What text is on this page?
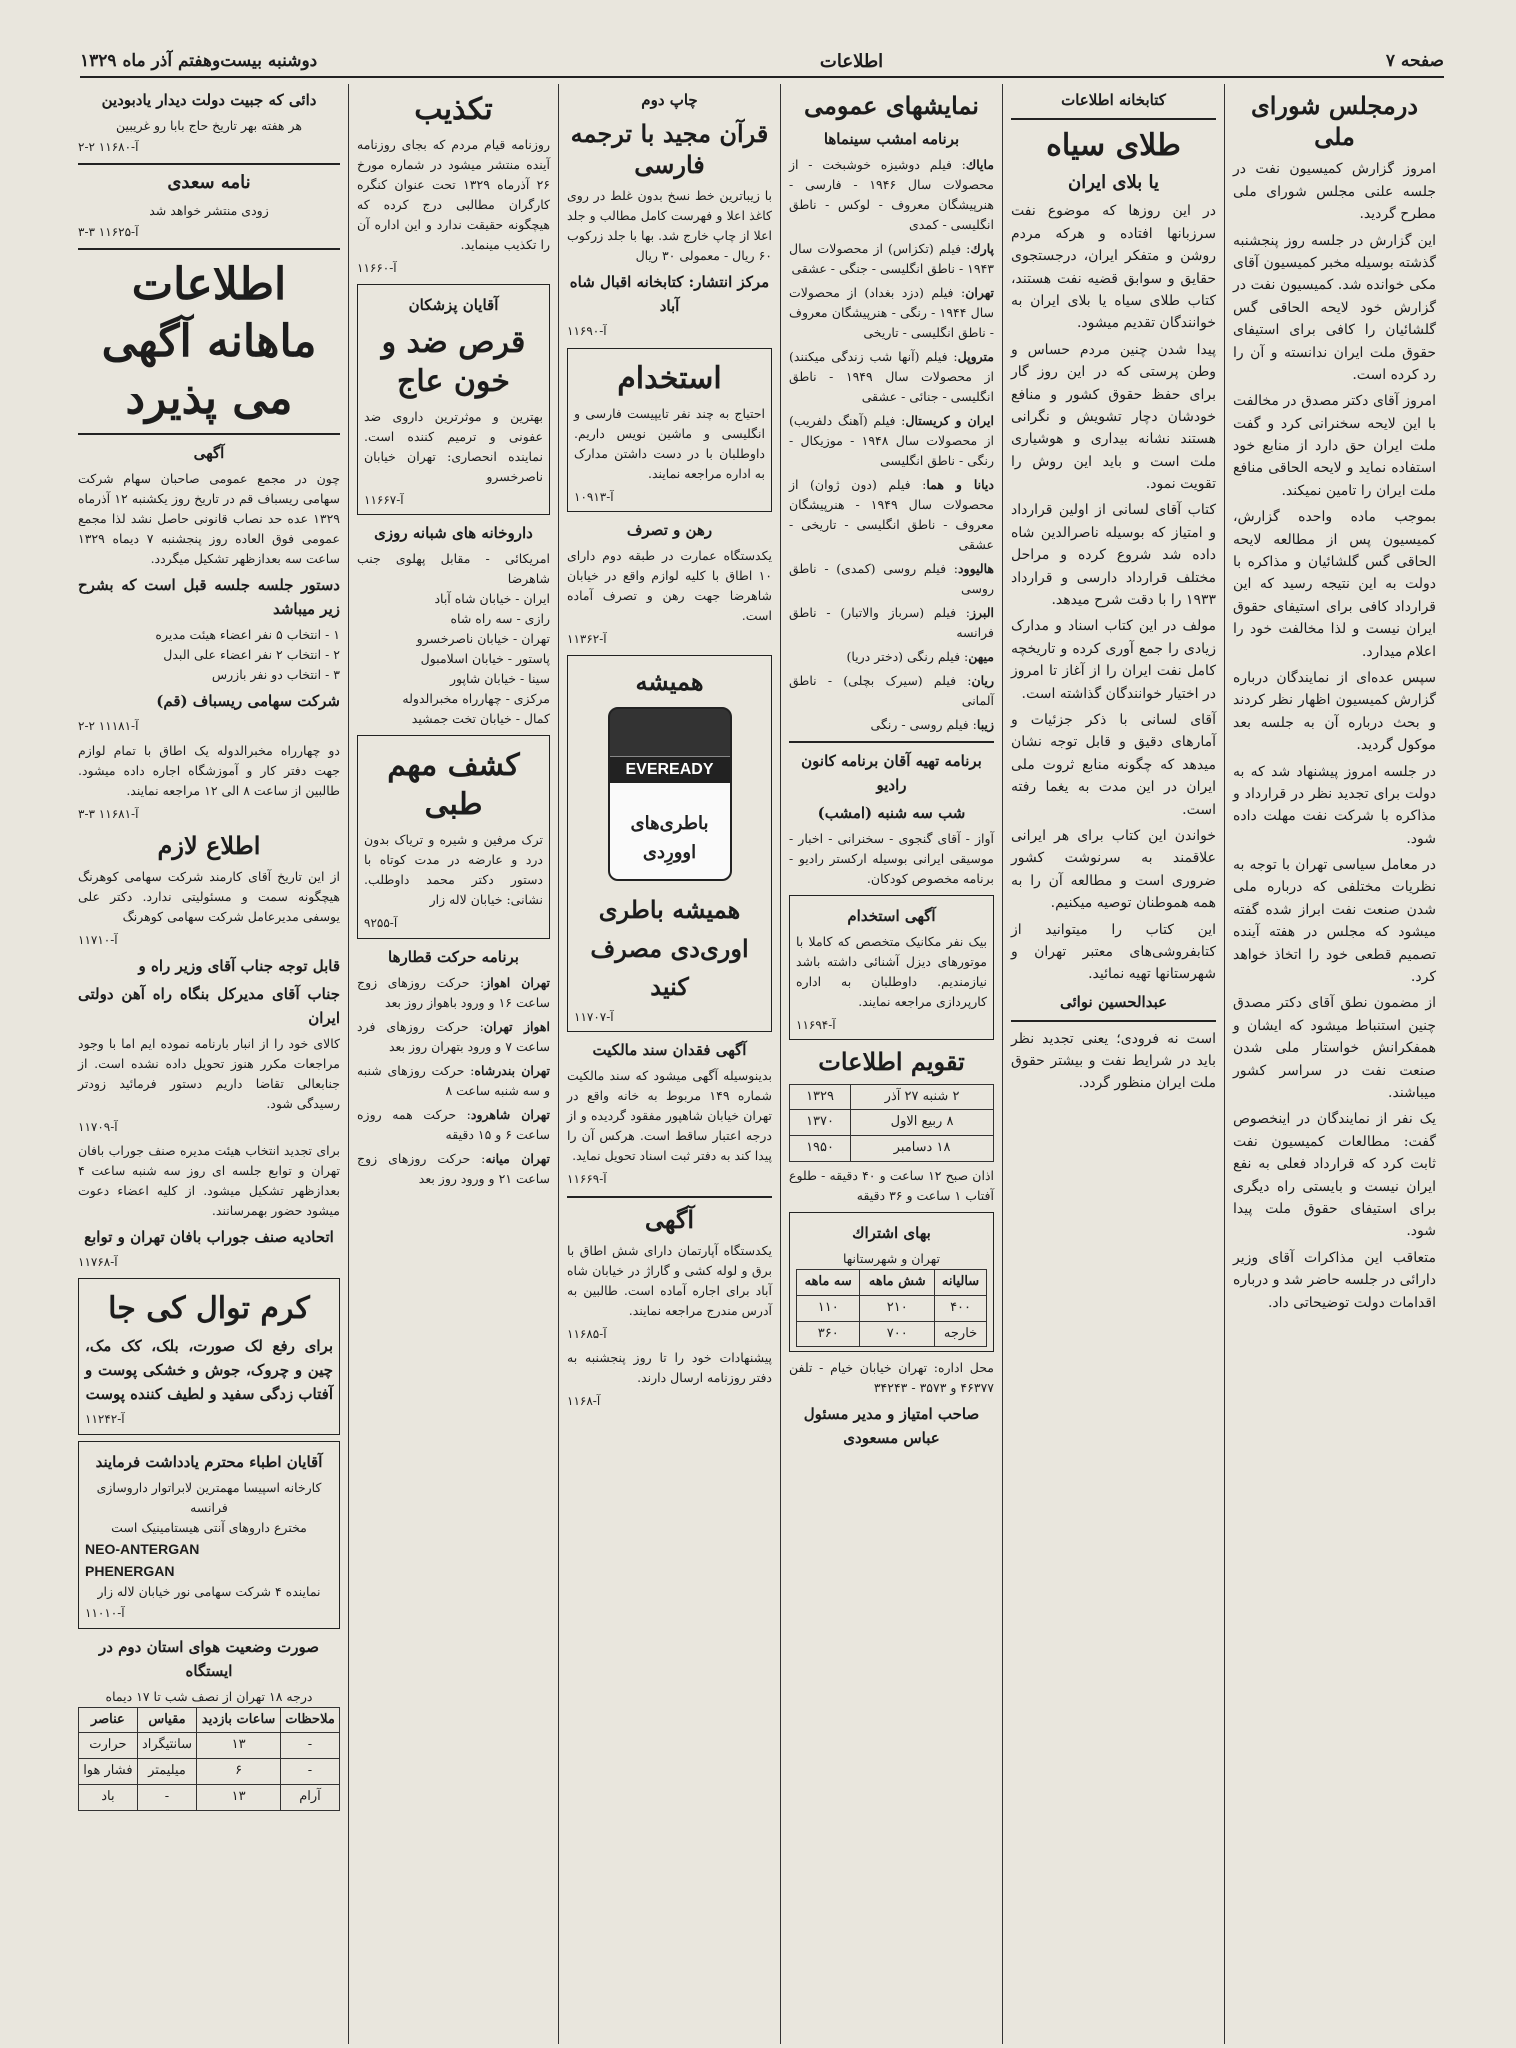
صفحه ۷
اطلاعات
دوشنبه بیست‌وهفتم آذر ماه ۱۳۲۹
درمجلس شورای ملی

امروز گزارش کمیسیون نفت در جلسه علنی مجلس شورای ملی مطرح گردید.

این گزارش در جلسه روز پنجشنبه گذشته بوسیله مخبر کمیسیون آقای مکی خوانده شد. کمیسیون نفت در گزارش خود لایحه الحاقی گس گلشائیان را کافی برای استیفای حقوق ملت ایران ندانسته و آن را رد کرده است.

امروز آقای دکتر مصدق در مخالفت با این لایحه سخنرانی کرد و گفت ملت ایران حق دارد از منابع خود استفاده نماید و لایحه الحاقی منافع ملت ایران را تامین نمیکند.

بموجب ماده واحده گزارش، کمیسیون پس از مطالعه لایحه الحاقی گس گلشائیان و مذاکره با دولت به این نتیجه رسید که این قرارداد کافی برای استیفای حقوق ایران نیست و لذا مخالفت خود را اعلام میدارد.

سپس عده‌ای از نمایندگان درباره گزارش کمیسیون اظهار نظر کردند و بحث درباره آن به جلسه بعد موکول گردید.

در جلسه امروز پیشنهاد شد که به دولت برای تجدید نظر در قرارداد و مذاکره با شرکت نفت مهلت داده شود.

در معامل سیاسی تهران با توجه به نظریات مختلفی که درباره ملی شدن صنعت نفت ابراز شده گفته میشود که مجلس در هفته آینده تصمیم قطعی خود را اتخاذ خواهد کرد.

از مضمون نطق آقای دکتر مصدق چنین استنباط میشود که ایشان و همفکرانش خواستار ملی شدن صنعت نفت در سراسر کشور میباشند.

یک نفر از نمایندگان در اینخصوص گفت: مطالعات کمیسیون نفت ثابت کرد که قرارداد فعلی به نفع ایران نیست و بایستی راه دیگری برای استیفای حقوق ملت پیدا شود.

متعاقب این مذاکرات آقای وزیر دارائی در جلسه حاضر شد و درباره اقدامات دولت توضیحاتی داد.

کتابخانه اطلاعات
طلای سیاه
یا بلای ایران

در این روزها که موضوع نفت سرزبانها افتاده و هرکه مردم روشن و متفکر ایران، درجستجوی حقایق و سوابق قضیه نفت هستند، کتاب طلای سیاه یا بلای ایران به خوانندگان تقدیم میشود.

پیدا شدن چنین مردم حساس و وطن پرستی که در این روز گار برای حفظ حقوق کشور و منافع خودشان دچار تشویش و نگرانی هستند نشانه بیداری و هوشیاری ملت است و باید این روش را تقویت نمود.

کتاب آقای لسانی از اولین قرارداد و امتیاز که بوسیله ناصرالدین شاه داده شد شروع کرده و مراحل مختلف قرارداد دارسی و قرارداد ۱۹۳۳ را با دقت شرح میدهد.

مولف در این کتاب اسناد و مدارک زیادی را جمع آوری کرده و تاریخچه کامل نفت ایران را از آغاز تا امروز در اختیار خوانندگان گذاشته است.

آقای لسانی با ذکر جزئیات و آمارهای دقیق و قابل توجه نشان میدهد که چگونه منابع ثروت ملی ایران در این مدت به یغما رفته است.

خواندن این کتاب برای هر ایرانی علاقمند به سرنوشت کشور ضروری است و مطالعه آن را به همه هموطنان توصیه میکنیم.

این کتاب را میتوانید از کتابفروشی‌های معتبر تهران و شهرستانها تهیه نمائید.

عبدالحسین نوائی

است نه فرودی؛ یعنی تجدید نظر باید در شرایط نفت و بیشتر حقوق ملت ایران منظور گردد.

نمایشهای عمومی
برنامه امشب سینماها
ماياك: فیلم دوشیزه خوشبخت - از محصولات سال ۱۹۴۶ - فارسی - هنرپیشگان معروف - لوکس - ناطق انگلیسی - کمدی
پارك: فیلم (تکزاس) از محصولات سال ۱۹۴۳ - ناطق انگلیسی - جنگی - عشقی
تهران: فیلم (دزد بغداد) از محصولات سال ۱۹۴۴ - رنگی - هنرپیشگان معروف - ناطق انگلیسی - تاریخی
متروپل: فیلم (آنها شب زندگی میکنند) از محصولات سال ۱۹۴۹ - ناطق انگلیسی - جنائی - عشقی
ایران و کریستال: فیلم (آهنگ دلفریب) از محصولات سال ۱۹۴۸ - موزیکال - رنگی - ناطق انگلیسی
دیانا و هما: فیلم (دون ژوان) از محصولات سال ۱۹۴۹ - هنرپیشگان معروف - ناطق انگلیسی - تاریخی - عشقی
هالیوود: فیلم روسی (کمدی) - ناطق روسی
البرز: فیلم (سرباز والاتبار) - ناطق فرانسه
میهن: فیلم رنگی (دختر دریا)
ریان: فیلم (سیرک بچلی) - ناطق آلمانی
زیبا: فیلم روسی - رنگی
برنامه تهیه آقان برنامه کانون رادیو
شب سه شنبه (امشب)

آواز - آقای گنجوی - سخنرانی - اخبار - موسیقی ایرانی بوسیله ارکستر رادیو - برنامه مخصوص کودکان.

آگهی استخدام

بیک نفر مکانیک متخصص که کاملا با موتورهای دیزل آشنائی داشته باشد نیازمندیم. داوطلبان به اداره کارپردازی مراجعه نمایند.

آ-۱۱۶۹۴
تقویم اطلاعات
۲ شنبه ۲۷ آذر	۱۳۲۹
۸ ربیع الاول	۱۳۷۰
۱۸ دسامبر	۱۹۵۰

اذان صبح ۱۲ ساعت و ۴۰ دقیقه - طلوع آفتاب ۱ ساعت و ۳۶ دقیقه

بهای اشتراك
تهران و شهرستانها
سالیانه	شش ماهه	سه ماهه
۴۰۰	۲۱۰	۱۱۰
خارجه	۷۰۰	۳۶۰

محل اداره: تهران خیابان خیام - تلفن ۴۶۳۷۷ و ۳۵۷۳ - ۳۴۲۴۳

صاحب امتیاز و مدیر مسئول عباس مسعودی
چاپ دوم
قرآن مجید با ترجمه فارسی

با زیباترین خط نسخ بدون غلط در روی کاغذ اعلا و فهرست کامل مطالب و جلد اعلا از چاپ خارج شد. بها با جلد زرکوب ۶۰ ریال - معمولی ۳۰ ریال

مرکز انتشار: کتابخانه اقبال شاه آباد
آ-۱۱۶۹۰
استخدام

احتیاج به چند نفر تایپیست فارسی و انگلیسی و ماشین نویس داریم. داوطلبان با در دست داشتن مدارک به اداره مراجعه نمایند.

آ-۱۰۹۱۳
رهن و تصرف

یکدستگاه عمارت در طبقه دوم دارای ۱۰ اطاق با کلیه لوازم واقع در خیابان شاهرضا جهت رهن و تصرف آماده است.

آ-۱۱۳۶۲
همیشه
EVEREADY
باطری‌های اوورِدی
همیشه باطری اوری‌دی مصرف کنید
آ-۱۱۷۰۷
آگهی فقدان سند مالکیت

بدینوسیله آگهی میشود که سند مالکیت شماره ۱۴۹ مربوط به خانه واقع در تهران خیابان شاهپور مفقود گردیده و از درجه اعتبار ساقط است. هرکس آن را پیدا کند به دفتر ثبت اسناد تحویل نماید.

آ-۱۱۶۶۹
آگهی

یکدستگاه آپارتمان دارای شش اطاق با برق و لوله کشی و گاراژ در خیابان شاه آباد برای اجاره آماده است. طالبین به آدرس مندرج مراجعه نمایند.

آ-۱۱۶۸۵

پیشنهادات خود را تا روز پنجشنبه به دفتر روزنامه ارسال دارند.

آ-۱۱۶۸
تکذیب

روزنامه قیام مردم که بجای روزنامه آینده منتشر میشود در شماره مورخ ۲۶ آذرماه ۱۳۲۹ تحت عنوان کنگره کارگران مطالبی درج کرده که هیچگونه حقیقت ندارد و این اداره آن را تکذیب مینماید.

آ-۱۱۶۶۰
آقایان پزشکان
قرص ضد و خون عاج

بهترین و موثرترین داروی ضد عفونی و ترمیم کننده است. نماینده انحصاری: تهران خیابان ناصرخسرو

آ-۱۱۶۶۷
داروخانه های شبانه روزی
امریکائی - مقابل پهلوی جنب شاهرضا
ایران - خیابان شاه آباد
رازی - سه راه شاه
تهران - خیابان ناصرخسرو
پاستور - خیابان اسلامبول
سینا - خیابان شاپور
مرکزی - چهارراه مخبرالدوله
کمال - خیابان تخت جمشید
کشف مهم طبی

ترک مرفین و شیره و تریاک بدون درد و عارضه در مدت کوتاه با دستور دکتر محمد داوطلب. نشانی: خیابان لاله زار

آ-۹۲۵۵
برنامه حرکت قطارها
تهران اهواز: حرکت روزهای زوج ساعت ۱۶ و ورود باهواز روز بعد
اهواز تهران: حرکت روزهای فرد ساعت ۷ و ورود بتهران روز بعد
تهران بندرشاه: حرکت روزهای شنبه و سه شنبه ساعت ۸
تهران شاهرود: حرکت همه روزه ساعت ۶ و ۱۵ دقیقه
تهران میانه: حرکت روزهای زوج ساعت ۲۱ و ورود روز بعد
دائی که جبیت دولت دیدار یادبودین
هر هفته بهر تاریخ حاج بابا رو غریبین
آ-۱۱۶۸۰ ۲-۲
نامه سعدی
زودی منتشر خواهد شد
آ-۱۱۶۲۵ ۳-۳
اطلاعات ماهانه آگهی می پذیرد
آگهی

چون در مجمع عمومی صاحبان سهام شرکت سهامی ریسباف قم در تاریخ روز یکشنبه ۱۲ آذرماه ۱۳۲۹ عده حد نصاب قانونی حاصل نشد لذا مجمع عمومی فوق العاده روز پنجشنبه ۷ دیماه ۱۳۲۹ ساعت سه بعدازظهر تشکیل میگردد.

دستور جلسه جلسه قبل است که بشرح زیر میباشد
۱ - انتخاب ۵ نفر اعضاء هیئت مدیره
۲ - انتخاب ۲ نفر اعضاء علی البدل
۳ - انتخاب دو نفر بازرس
شرکت سهامی ریسباف (قم)
آ-۱۱۱۸۱ ۲-۲

دو چهارراه مخبرالدوله یک اطاق با تمام لوازم جهت دفتر کار و آموزشگاه اجاره داده میشود. طالبین از ساعت ۸ الی ۱۲ مراجعه نمایند.

آ-۱۱۶۸۱ ۳-۳
اطلاع لازم

از این تاریخ آقای کارمند شرکت سهامی کوهرنگ هیچگونه سمت و مسئولیتی ندارد. دکتر علی یوسفی مدیرعامل شرکت سهامی کوهرنگ

آ-۱۱۷۱۰
قابل توجه جناب آقای وزیر راه و
جناب آقای مدیرکل بنگاه راه آهن دولتی ایران

کالای خود را از انبار بارنامه نموده ایم اما با وجود مراجعات مکرر هنوز تحویل داده نشده است. از جنابعالی تقاضا داریم دستور فرمائید زودتر رسیدگی شود.

آ-۱۱۷۰۹

برای تجدید انتخاب هیئت مدیره صنف جوراب بافان تهران و توابع جلسه ای روز سه شنبه ساعت ۴ بعدازظهر تشکیل میشود. از کلیه اعضاء دعوت میشود حضور بهمرسانند.

اتحادیه صنف جوراب بافان تهران و توابع
آ-۱۱۷۶۸
کرم توال کی جا

برای رفع لک صورت، بلک، کک مک، چین و چروک، جوش و خشکی پوست و آفتاب زدگی سفید و لطیف کننده پوست

آ-۱۱۲۴۲
آقایان اطباء محترم یادداشت فرمایند
کارخانه اسپیسا مهمترین لابراتوار داروسازی فرانسه
مخترع داروهای آنتی هیستامینیک است
NEO-ANTERGAN
PHENERGAN
نماینده ۴ شرکت سهامی نور خیابان لاله زار
آ-۱۱۰۱۰
صورت وضعیت هوای استان دوم در ایستگاه
درجه ۱۸ تهران از نصف شب تا ۱۷ دیماه
ملاحظات	ساعات بازدید	مقیاس	عناصر
-	۱۳	سانتیگراد	حرارت
-	۶	میلیمتر	فشار هوا
آرام	۱۳	-	باد
